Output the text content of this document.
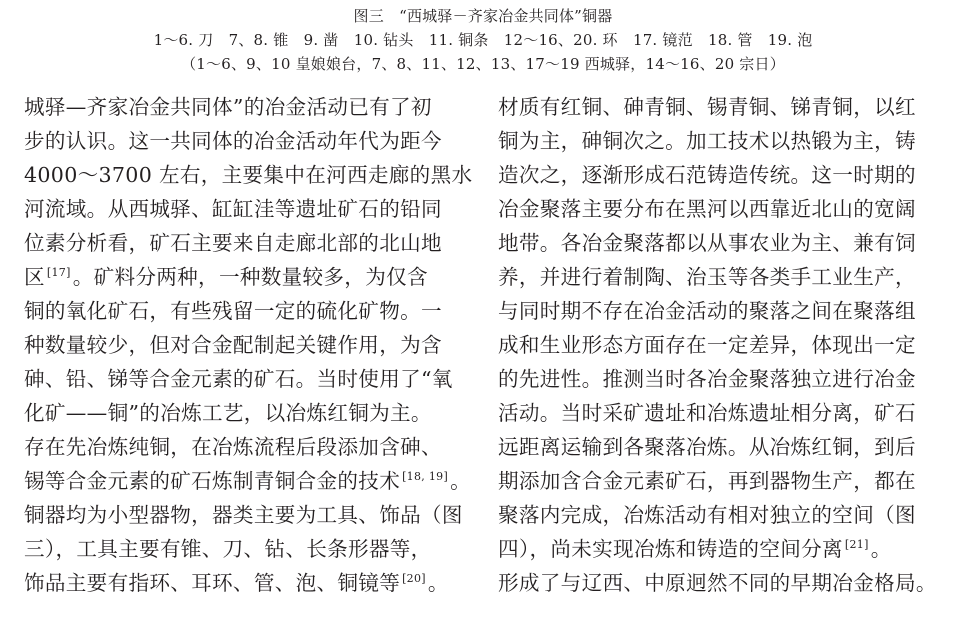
图三　“西城驿－齐家冶金共同体”铜器
1～6. 刀　7、8. 锥　9. 凿　10. 钻头　11. 铜条　12～16、20. 环　17. 镜范　18. 管　19. 泡
（1～6、9、10 皇娘娘台，7、8、11、12、13、17～19 西城驿，14～16、20 宗日）
城驿—齐家冶金共同体”的冶金活动已有了初
步的认识。这一共同体的冶金活动年代为距今
4000～3700 左右，主要集中在河西走廊的黑水
河流域。从西城驿、缸缸洼等遗址矿石的铅同
位素分析看，矿石主要来自走廊北部的北山地
区 [17]。矿料分两种，一种数量较多，为仅含
铜的氧化矿石，有些残留一定的硫化矿物。一
种数量较少，但对合金配制起关键作用，为含
砷、铅、锑等合金元素的矿石。当时使用了“氧
化矿——铜”的冶炼工艺，以冶炼红铜为主。
存在先冶炼纯铜，在冶炼流程后段添加含砷、
锡等合金元素的矿石炼制青铜合金的技术 [18, 19]。
铜器均为小型器物，器类主要为工具、饰品（图
三），工具主要有锥、刀、钻、长条形器等，
饰品主要有指环、耳环、管、泡、铜镜等 [20]。
材质有红铜、砷青铜、锡青铜、锑青铜，以红
铜为主，砷铜次之。加工技术以热锻为主，铸
造次之，逐渐形成石范铸造传统。这一时期的
冶金聚落主要分布在黑河以西靠近北山的宽阔
地带。各冶金聚落都以从事农业为主、兼有饲
养，并进行着制陶、治玉等各类手工业生产，
与同时期不存在冶金活动的聚落之间在聚落组
成和生业形态方面存在一定差异，体现出一定
的先进性。推测当时各冶金聚落独立进行冶金
活动。当时采矿遗址和冶炼遗址相分离，矿石
远距离运输到各聚落冶炼。从冶炼红铜，到后
期添加含合金元素矿石，再到器物生产，都在
聚落内完成，冶炼活动有相对独立的空间（图
四），尚未实现冶炼和铸造的空间分离 [21]。
形成了与辽西、中原迥然不同的早期冶金格局。
